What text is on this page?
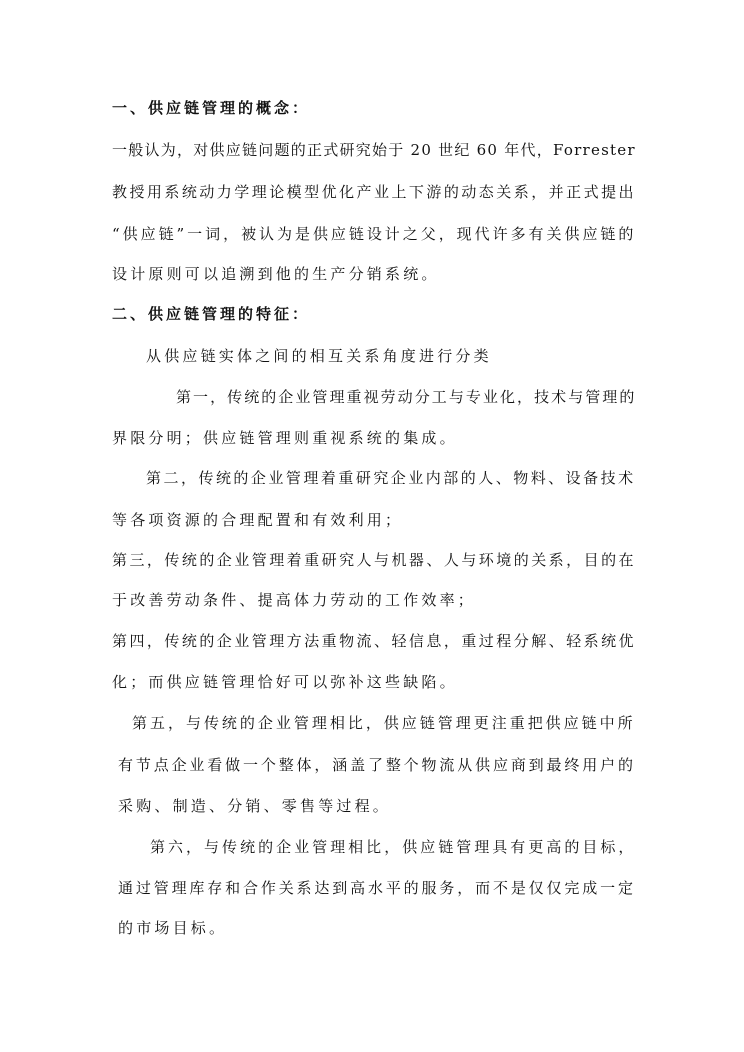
一、供应链管理的概念：
一般认为，对供应链问题的正式研究始于 20 世纪 60 年代，Forrester
教授用系统动力学理论模型优化产业上下游的动态关系，并正式提出
“供应链”一词，被认为是供应链设计之父，现代许多有关供应链的
设计原则可以追溯到他的生产分销系统。
二、供应链管理的特征：
从供应链实体之间的相互关系角度进行分类
第一，传统的企业管理重视劳动分工与专业化，技术与管理的
界限分明；供应链管理则重视系统的集成。
第二，传统的企业管理着重研究企业内部的人、物料、设备技术
等各项资源的合理配置和有效利用；
第三，传统的企业管理着重研究人与机器、人与环境的关系，目的在
于改善劳动条件、提高体力劳动的工作效率；
第四，传统的企业管理方法重物流、轻信息，重过程分解、轻系统优
化；而供应链管理恰好可以弥补这些缺陷。
第五，与传统的企业管理相比，供应链管理更注重把供应链中所
有节点企业看做一个整体，涵盖了整个物流从供应商到最终用户的
采购、制造、分销、零售等过程。
第六，与传统的企业管理相比，供应链管理具有更高的目标，
通过管理库存和合作关系达到高水平的服务，而不是仅仅完成一定
的市场目标。
